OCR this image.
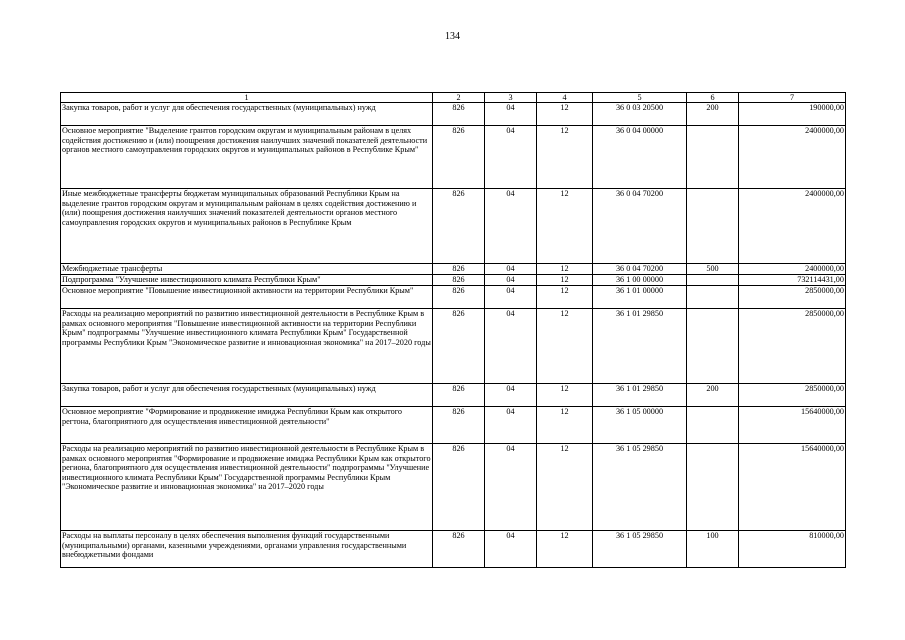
134
1	2	3	4	5	6	7
Закупка товаров, работ и услуг для обеспечения государственных (муниципальных) нужд	826	04	12	36 0 03 20500	200	190000,00
Основное мероприятие "Выделение грантов городским округам и муниципальным районам в целях содействия достижению и (или) поощрения достижения наилучших значений показателей деятельности органов местного самоуправления городских округов и муниципальных районов в Республике Крым"	826	04	12	36 0 04 00000		2400000,00
Иные межбюджетные трансферты бюджетам муниципальных образований Республики Крым на выделение грантов городским округам и муниципальным районам в целях содействия достижению и (или) поощрения достижения наилучших значений показателей деятельности органов местного самоуправления городских округов и муниципальных районов в Республике Крым	826	04	12	36 0 04 70200		2400000,00
Межбюджетные трансферты	826	04	12	36 0 04 70200	500	2400000,00
Подпрограмма "Улучшение инвестиционного климата Республики Крым"	826	04	12	36 1 00 00000		732114431,00
Основное мероприятие "Повышение инвестиционной активности на территории Республики Крым"	826	04	12	36 1 01 00000		2850000,00
Расходы на реализацию мероприятий по развитию инвестиционной деятельности в Республике Крым в рамках основного мероприятия "Повышение инвестиционной активности на территории Республики Крым" подпрограммы "Улучшение инвестиционного климата Республики Крым" Государственной программы Республики Крым "Экономическое развитие и инновационная экономика" на 2017–2020 годы	826	04	12	36 1 01 29850		2850000,00
Закупка товаров, работ и услуг для обеспечения государственных (муниципальных) нужд	826	04	12	36 1 01 29850	200	2850000,00
Основное мероприятие "Формирование и продвижение имиджа Республики Крым как открытого регтона, благоприятного для осуществления инвестиционной деятельности"	826	04	12	36 1 05 00000		15640000,00
Расходы на реализацию мероприятий по развитию инвестиционной деятельности в Республике Крым в рамках основного мероприятия "Формирование и продвижение имиджа Республики Крым как открытого региона, благоприятного для осуществления инвестиционной деятельности" подпрограммы "Улучшение инвестиционного климата Республики Крым" Государственной программы Республики Крым "Экономическое развитие и инновационная экономика" на 2017–2020 годы	826	04	12	36 1 05 29850		15640000,00
Расходы на выплаты персоналу в целях обеспечения выполнения функций государственными (муниципальными) органами, казенными учреждениями, органами управления государственными внебюджетными фондами	826	04	12	36 1 05 29850	100	810000,00
